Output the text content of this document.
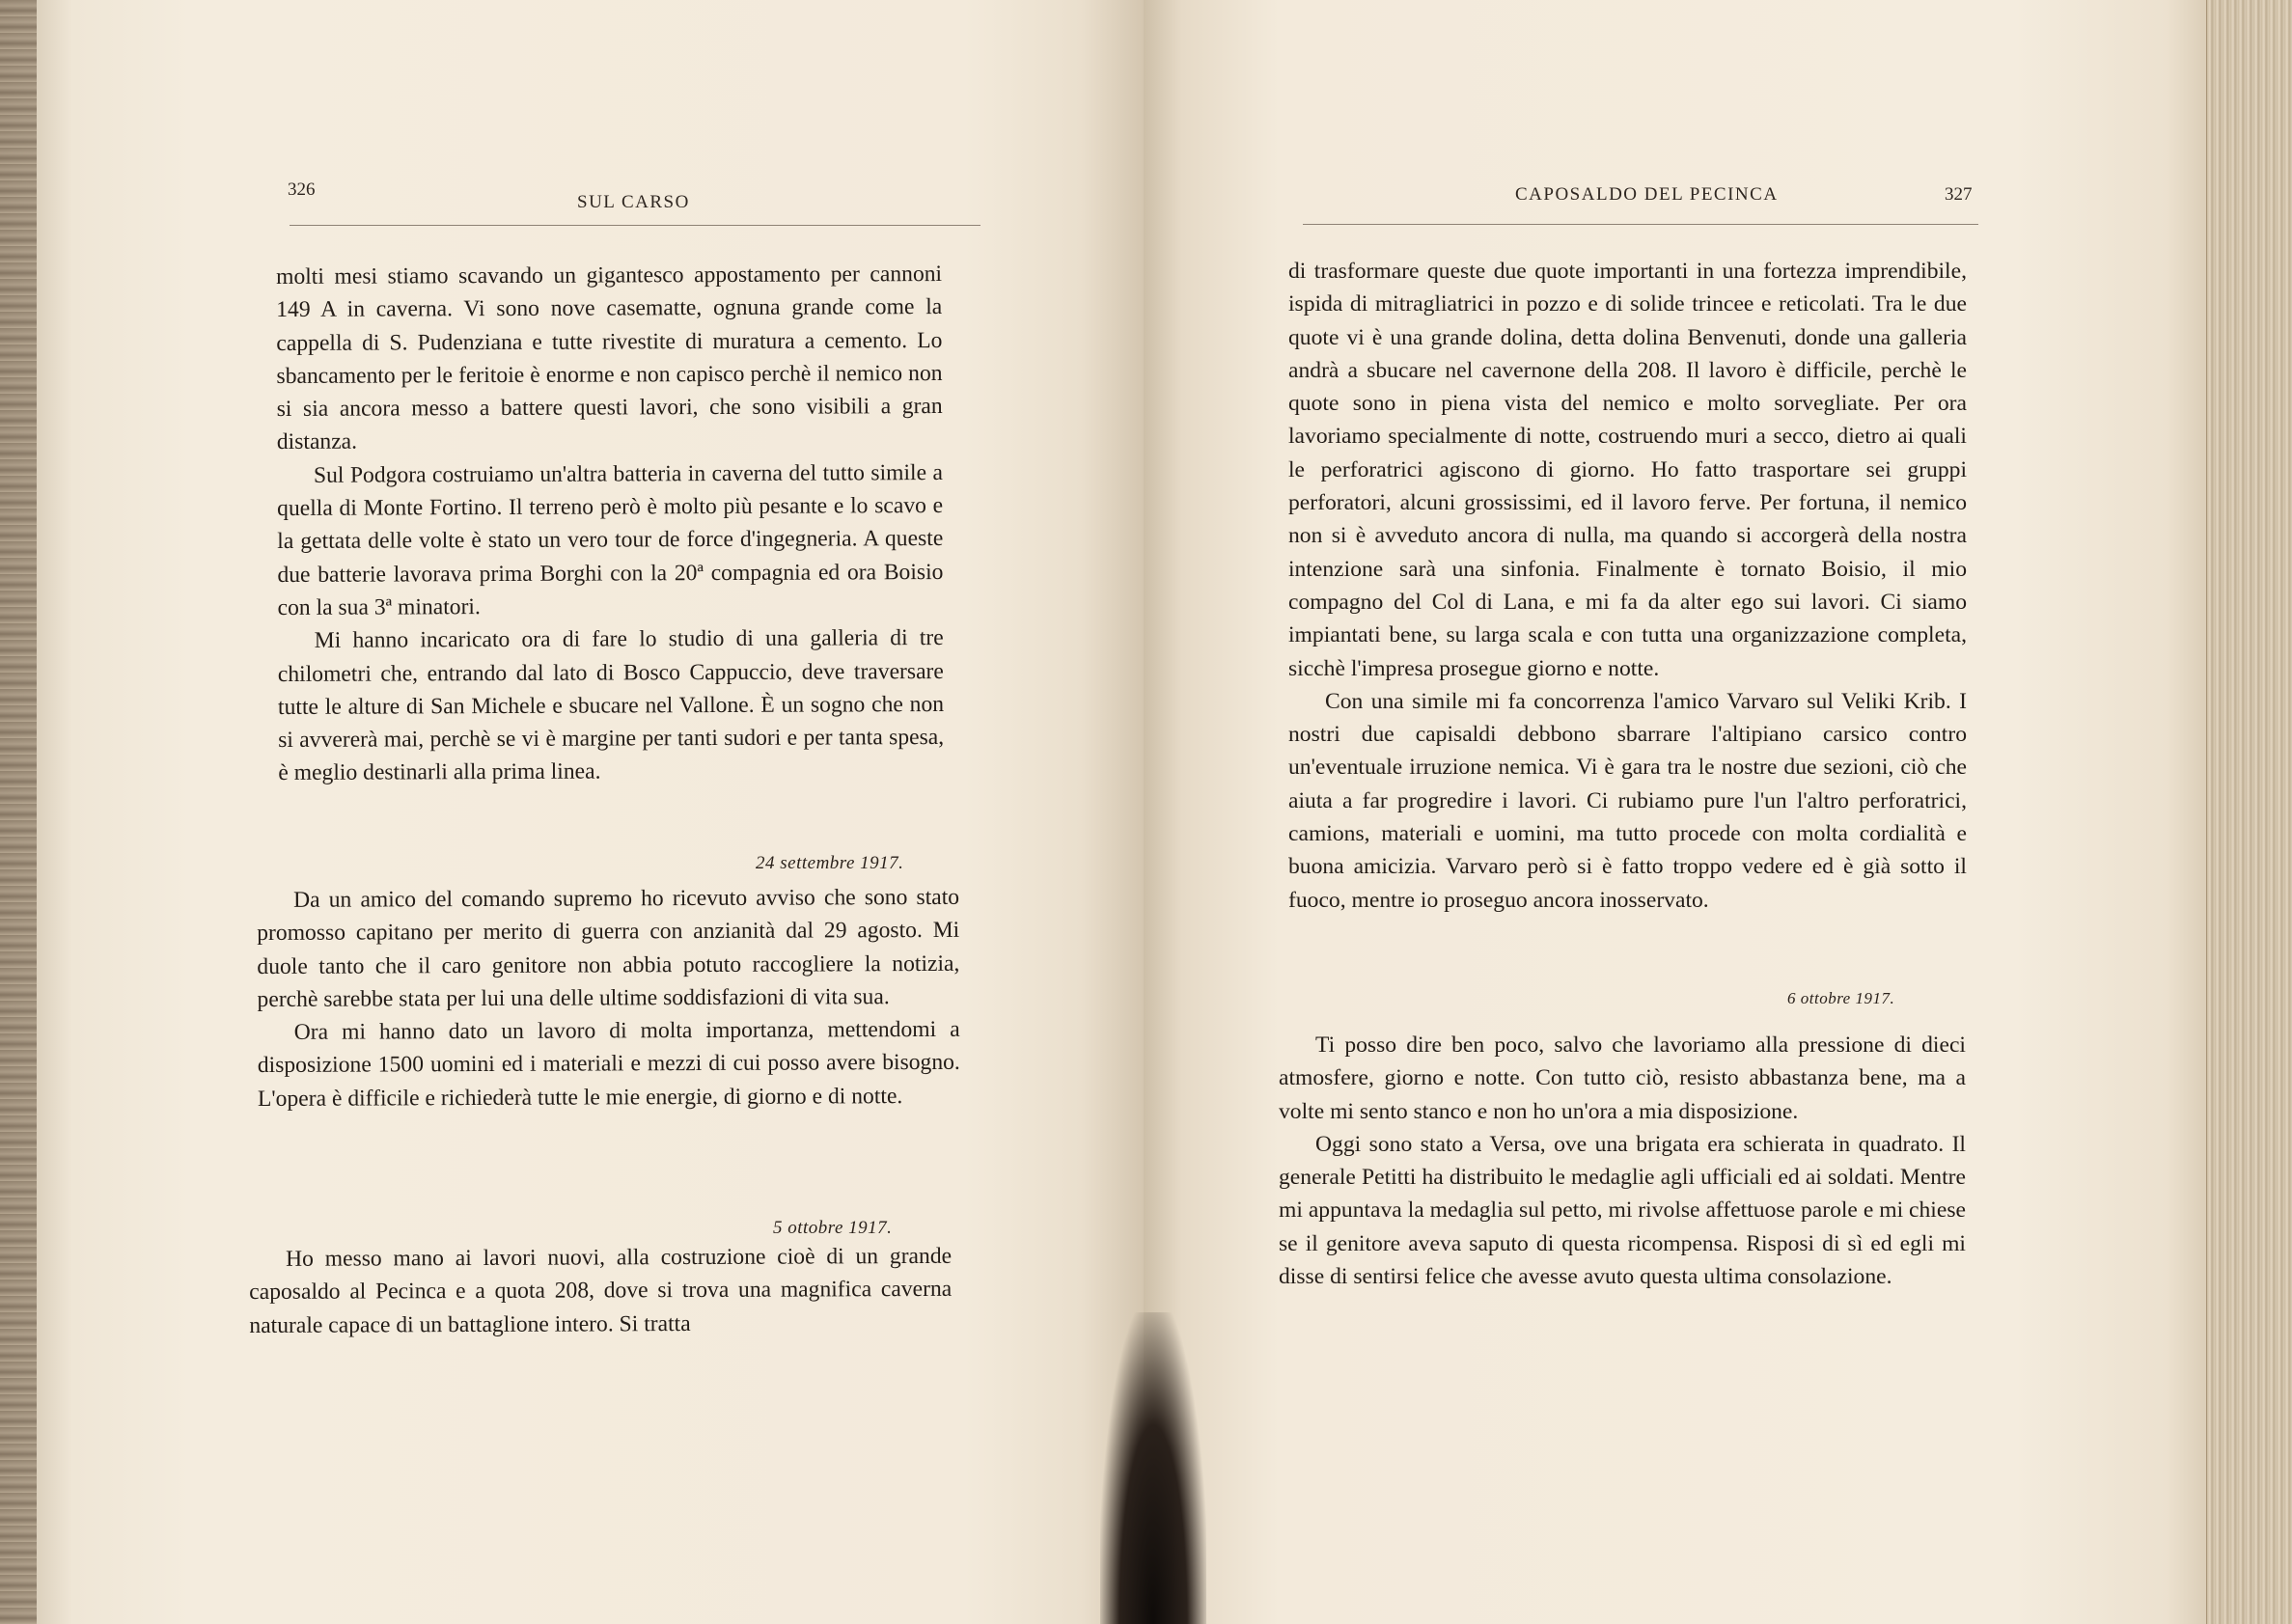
326
SUL CARSO

molti mesi stiamo scavando un gigantesco appostamento per cannoni 149 A in caverna. Vi sono nove casematte, ognuna grande come la cappella di S. Pudenziana e tutte rivestite di muratura a cemento. Lo sbancamento per le feritoie è enorme e non capisco perchè il nemico non si sia ancora messo a battere questi lavori, che sono visibili a gran distanza.

Sul Podgora costruiamo un'altra batteria in caverna del tutto simile a quella di Monte Fortino. Il terreno però è molto più pesante e lo scavo e la gettata delle volte è stato un vero tour de force d'ingegneria. A queste due batterie lavorava prima Borghi con la 20ª compagnia ed ora Boisio con la sua 3ª minatori.

Mi hanno incaricato ora di fare lo studio di una galleria di tre chilometri che, entrando dal lato di Bosco Cappuccio, deve traversare tutte le alture di San Michele e sbucare nel Vallone. È un sogno che non si avvererà mai, perchè se vi è margine per tanti sudori e per tanta spesa, è meglio destinarli alla prima linea.

24 settembre 1917.

Da un amico del comando supremo ho ricevuto avviso che sono stato promosso capitano per merito di guerra con anzianità dal 29 agosto. Mi duole tanto che il caro genitore non abbia potuto raccogliere la notizia, perchè sarebbe stata per lui una delle ultime soddisfazioni di vita sua.

Ora mi hanno dato un lavoro di molta importanza, mettendomi a disposizione 1500 uomini ed i materiali e mezzi di cui posso avere bisogno. L'opera è difficile e richiederà tutte le mie energie, di giorno e di notte.

5 ottobre 1917.

Ho messo mano ai lavori nuovi, alla costruzione cioè di un grande caposaldo al Pecinca e a quota 208, dove si trova una magnifica caverna naturale capace di un battaglione intero. Si tratta

CAPOSALDO DEL PECINCA	327

di trasformare queste due quote importanti in una fortezza imprendibile, ispida di mitragliatrici in pozzo e di solide trincee e reticolati. Tra le due quote vi è una grande dolina, detta dolina Benvenuti, donde una galleria andrà a sbucare nel cavernone della 208. Il lavoro è difficile, perchè le quote sono in piena vista del nemico e molto sorvegliate. Per ora lavoriamo specialmente di notte, costruendo muri a secco, dietro ai quali le perforatrici agiscono di giorno. Ho fatto trasportare sei gruppi perforatori, alcuni grossissimi, ed il lavoro ferve. Per fortuna, il nemico non si è avveduto ancora di nulla, ma quando si accorgerà della nostra intenzione sarà una sinfonia. Finalmente è tornato Boisio, il mio compagno del Col di Lana, e mi fa da alter ego sui lavori. Ci siamo impiantati bene, su larga scala e con tutta una organizzazione completa, sicchè l'impresa prosegue giorno e notte.

Con una simile mi fa concorrenza l'amico Varvaro sul Veliki Krib. I nostri due capisaldi debbono sbarrare l'altipiano carsico contro un'eventuale irruzione nemica. Vi è gara tra le nostre due sezioni, ciò che aiuta a far progredire i lavori. Ci rubiamo pure l'un l'altro perforatrici, camions, materiali e uomini, ma tutto procede con molta cordialità e buona amicizia. Varvaro però si è fatto troppo vedere ed è già sotto il fuoco, mentre io proseguo ancora inosservato.

6 ottobre 1917.

Ti posso dire ben poco, salvo che lavoriamo alla pressione di dieci atmosfere, giorno e notte. Con tutto ciò, resisto abbastanza bene, ma a volte mi sento stanco e non ho un'ora a mia disposizione.

Oggi sono stato a Versa, ove una brigata era schierata in quadrato. Il generale Petitti ha distribuito le medaglie agli ufficiali ed ai soldati. Mentre mi appuntava la medaglia sul petto, mi rivolse affettuose parole e mi chiese se il genitore aveva saputo di questa ricompensa. Risposi di sì ed egli mi disse di sentirsi felice che avesse avuto questa ultima consolazione.
